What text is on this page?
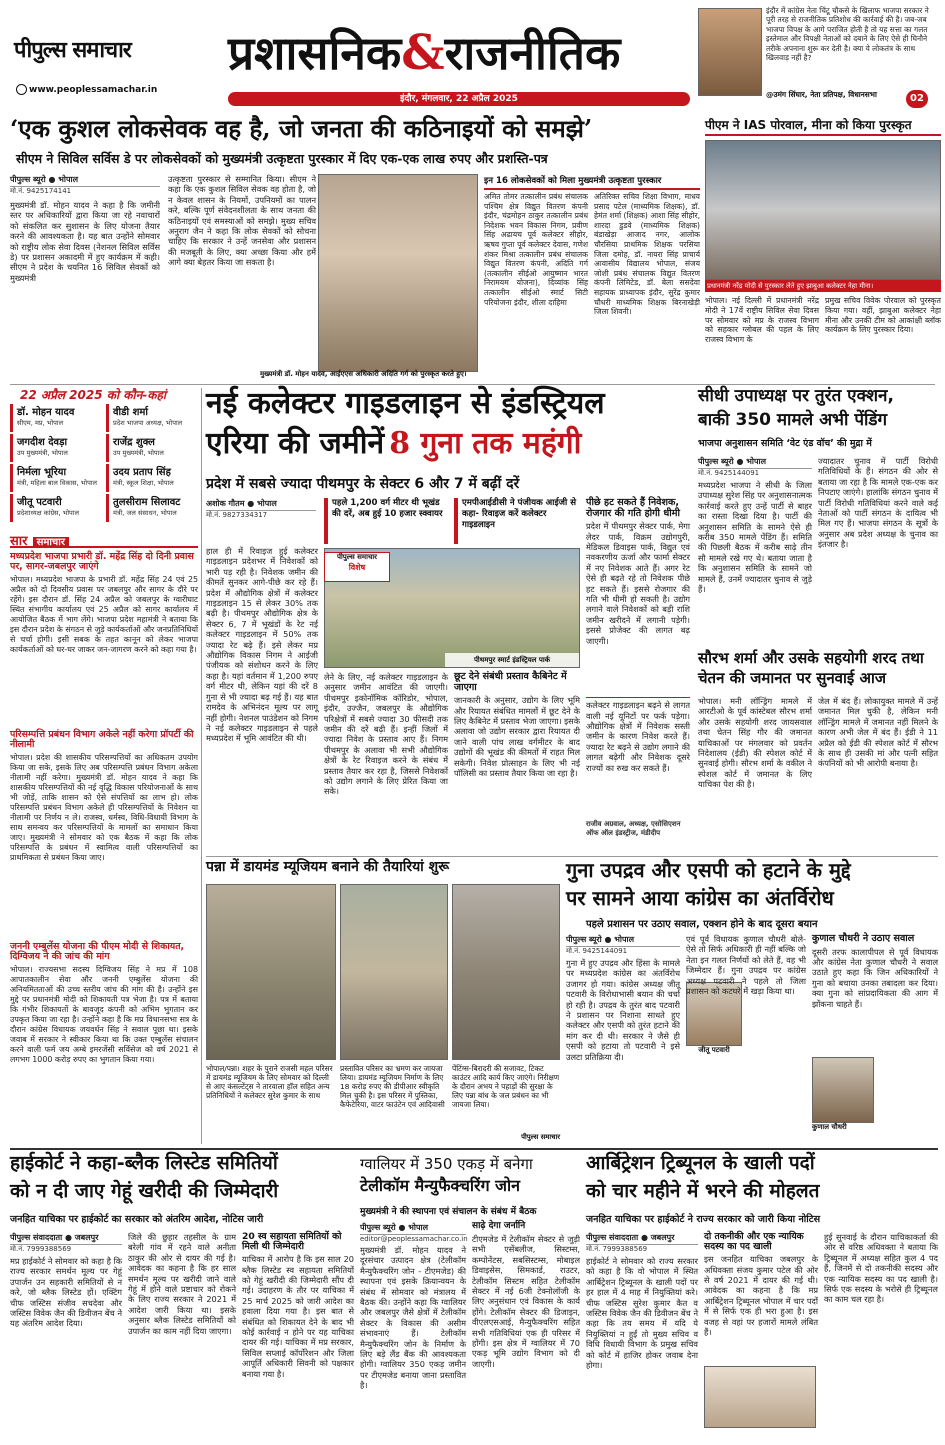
पीपुल्स समाचार
www.peoplessamachar.in
प्रशासनिक&राजनीतिक
इंदौर, मंगलवार, 22 अप्रैल 2025
इंदौर में कांग्रेस नेता चिंटू चौकसे के खिलाफ भाजपा सरकार ने पूरी तरह से राजनीतिक प्रतिशोध की कार्रवाई की है। जब-जब भाजपा विपक्ष के आगे पराजित होती है तो यह सत्ता का गलत इस्तेमाल और विपक्षी नेताओं को दबाने के लिए ऐसे ही घिनौने तरीके अपनाना शुरू कर देती है। क्या ये लोकतंत्र के साथ खिलवाड़ नहीं है?
@उमंग सिंघार, नेता प्रतिपक्ष, विधानसभा	02
‘एक कुशल लोकसेवक वह है, जो जनता की कठिनाइयों को समझे’
सीएम ने सिविल सर्विस डे पर लोकसेवकों को मुख्यमंत्री उत्कृष्टता पुरस्कार में दिए एक-एक लाख रुपए और प्रशस्ति-पत्र
पीपुल्स ब्यूरो ● भोपाल
मो.नं. 9425174141
मुख्यमंत्री डॉ. मोहन यादव ने कहा है कि जमीनी स्तर पर अधिकारियों द्वारा किया जा रहे नवाचारों को संकलित कर सुशासन के लिए योजना तैयार करने की आवश्यकता है। यह बात उन्होंने सोमवार को राष्ट्रीय लोक सेवा दिवस (नेशनल सिविल सर्विस डे) पर प्रशासन अकादमी में हुए कार्यक्रम में कही। सीएम ने प्रदेश के चयनित 16 सिविल सेवकों को मुख्यमंत्री
उत्कृष्टता पुरस्कार से सम्मानित किया। सीएम ने कहा कि एक कुशल सिविल सेवक वह होता है, जो न केवल शासन के नियमों, उपनियमों का पालन करे, बल्कि पूर्ण संवेदनशीलता के साथ जनता की कठिनाइयों एवं समस्याओं को समझे। मुख्य सचिव अनुराग जैन ने कहा कि लोक सेवकों को सोचना चाहिए कि सरकार ने उन्हें जनसेवा और प्रशासन की मजबूती के लिए, क्या अच्छा किया और हमें आगे क्या बेहतर किया जा सकता है।
मुख्यमंत्री डॉ. मोहन यादव, आईएएस अधिकारी अदिति गर्ग को पुरस्कृत करते हुए।
इन 16 लोकसेवकों को मिला मुख्यमंत्री उत्कृष्टता पुरस्कार
अमित तोमर तत्कालीन प्रबंध संचालक पश्चिम क्षेत्र विद्युत वितरण कंपनी इंदौर, चंद्रमोहन ठाकुर तत्कालीन प्रबंध निदेशक भवन विकास निगम, प्रवीण सिंह अढायच पूर्व कलेक्टर सीहोर, ऋषव गुप्ता पूर्व कलेक्टर देवास, गणेश शंकर मिश्रा तत्कालीन प्रबंध संचालक विद्युत वितरण कंपनी, अदिति गर्ग (तत्कालीन सीईओ आयुष्मान भारत निरामयम योजना), दिव्यांक सिंह तत्कालीन सीईओ स्मार्ट सिटी परियोजना इंदौर, शीला दाहिमा
अतिरिक्त सचिव शिक्षा विभाग, माधव प्रसाद पटेल (माध्यमिक शिक्षक), डॉ. हेमंत शर्मा (शिक्षक) आशा सिंह सीहोर, शारदा डुडवे (माध्यमिक शिक्षक) बंडाखेड़ा आजाद नगर, आलोक चौरसिया प्राथमिक शिक्षक परसिया जिला दमोह, डॉ. नायरा सिंह प्राचार्य आवासीय विद्यालय भोपाल, संजय जोशी प्रबंध संचालक विद्युत वितरण कंपनी लिमिटेड, डॉ. बेला ससदेवा सहायक प्राध्यापक इंदौर, सुरेंद्र कुमार चौधरी माध्यमिक शिक्षक बिरनाखेड़ी जिला शिवनी।
पीएम ने IAS पोरवाल, मीना को किया पुरस्कृत
प्रधानमंत्री नरेंद्र मोदी से पुरस्कार लेते हुए झाबुआ कलेक्टर नेहा मीना।
भोपाल। नई दिल्ली में प्रधानमंत्री नरेंद्र मोदी ने 17वें राष्ट्रीय सिविल सेवा दिवस पर सोमवार को मप्र के राजस्व विभाग को सहकार ग्लोबल की पहल के लिए राजस्व विभाग के
प्रमुख सचिव विवेक पोरवाल को पुरस्कृत किया गया। वहीं, झाबुआ कलेक्टर नेहा मीना और उनकी टीम को आकांक्षी ब्लॉक कार्यक्रम के लिए पुरस्कार दिया।
22 अप्रैल 2025 को कौन-कहां
डॉ. मोहन यादव
सीएम, मप्र, भोपाल
वीडी शर्मा
प्रदेश भाजपा अध्यक्ष, भोपाल
जगदीश देवड़ा
उप मुख्यमंत्री, भोपाल
राजेंद्र शुक्ल
उप मुख्यमंत्री, भोपाल
निर्मला भूरिया
मंत्री, महिला बाल विकास, भोपाल
उदय प्रताप सिंह
मंत्री, स्कूल शिक्षा, भोपाल
जीतू पटवारी
प्रदेशाध्यक्ष कांग्रेस, भोपाल
तुलसीराम सिलावट
मंत्री, जल संसाधन, भोपाल
सार समाचार
मध्यप्रदेश भाजपा प्रभारी डॉ. महेंद्र सिंह दो दिनी प्रवास पर, सागर-जबलपुर जाएंगे
भोपाल। मध्यप्रदेश भाजपा के प्रभारी डॉ. महेंद्र सिंह 24 एवं 25 अप्रैल को दो दिवसीय प्रवास पर जबलपुर और सागर के दौरे पर रहेंगे। इस दौरान डॉ. सिंह 24 अप्रैल को जबलपुर के ग्वारीघाट स्थित संभागीय कार्यालय एवं 25 अप्रैल को सागर कार्यालय में आयोजित बैठक में भाग लेंगे। भाजपा प्रदेश महामंत्री ने बताया कि इस दौरान प्रदेश के संगठन से जुड़े कार्यकर्ताओं और जनप्रतिनिधियों से चर्चा होगी। इसी सबक के तहत कानून को लेकर भाजपा कार्यकर्ताओं को घर-घर जाकर जन-जागरण करने को कहा गया है।
परिसम्पत्ति प्रबंधन विभाग अकेले नहीं करेगा प्रॉपर्टी की नीलामी
भोपाल। प्रदेश की शासकीय परिसम्पत्तियों का अधिकतम उपयोग किया जा सके, इसके लिए अब परिसम्पत्ति प्रबंधन विभाग अकेला नीलामी नहीं करेगा। मुख्यमंत्री डॉ. मोहन यादव ने कहा कि शासकीय परिसम्पत्तियों की नई वृद्धि विकास परियोजनाओं के साथ भी जोड़ें, ताकि शासन को ऐसे संपत्तियों का लाभ हो। लोक परिसम्पत्ति प्रबंधन विभाग अकेले ही परिसम्पत्तियों के निवेशन या नीलामी पर निर्णय न ले। राजस्व, धर्मस्व, विधि-विधायी विभाग के साथ समन्वय कर परिसम्पत्तियों के मामलों का समाधान किया जाए। मुख्यमंत्री ने सोमवार को एक बैठक में कहा कि लोक परिसम्पत्ति के प्रबंधन में स्वामित्व वाली परिसम्पत्तियों का प्राथमिकता से प्रबंधन किया जाए।
जननी एम्बुलेंस योजना की पीएम मोदी से शिकायत, दिग्विजय ने की जांच की मांग
भोपाल। राज्यसभा सदस्य दिग्विजय सिंह ने मप्र में 108 आपातकालीन सेवा और जननी एम्बुलेंस योजना की अनियमितताओं की उच्च स्तरीय जांच की मांग की है। उन्होंने इस मुद्दे पर प्रधानमंत्री मोदी को शिकायती पत्र भेजा है। पत्र में बताया कि गंभीर शिकायतों के बावजूद कंपनी को अभिम भुगतान कर उपकृत किया जा रहा है। उन्होंने कहा है कि मप्र विधानसभा सत्र के दौरान कांग्रेस विधायक जयवर्धन सिंह ने सवाल पूछा था। इसके जवाब में सरकार ने स्वीकार किया था कि उक्त एम्बुलेंस संचालन करने वाली फर्म जय अम्बे इमरजेंसी सर्विसेज को वर्ष 2021 से लगभग 1000 करोड़ रुपए का भुगतान किया गया।
नई कलेक्टर गाइडलाइन से इंडस्ट्रियल
एरिया की जमीनें 8 गुना तक महंगी
प्रदेश में सबसे ज्यादा पीथमपुर के सेक्टर 6 और 7 में बढ़ीं दरें
अशोक गौतम ● भोपाल
मो.नं. 9827334317
पहले 1,200 वर्ग मीटर थी भूखंड की दरें, अब हुई 10 हजार स्क्वायर
एमपीआईडीसी ने पंजीयक आईजी से कहा- रिवाइज करें कलेक्टर गाइडलाइन
हाल ही में रिवाइज हुई कलेक्टर गाइडलाइन प्रदेशभर में निवेशकों को भारी पड़ रही है। निवेशक जमीन की कीमतें सुनकर आगे-पीछे कर रहे हैं। प्रदेश में औद्योगिक क्षेत्रों में कलेक्टर गाइडलाइन 15 से लेकर 30% तक बढ़ी है। पीथमपुर औद्योगिक क्षेत्र के सेक्टर 6, 7 में भूखंडों के रेट नई कलेक्टर गाइडलाइन में 50% तक ज्यादा रेट बढ़े हैं। इसे लेकर मप्र औद्योगिक विकास निगम ने आईजी पंजीयक को संशोधन करने के लिए कहा है। यहां वर्तमान में 1,200 रुपए वर्ग मीटर थी, लेकिन यहां की दरें 8 गुना से भी ज्यादा बढ़ गई हैं। यह बात रामदेव के अभिनंदन मूल्य पर लागू नहीं होगी। नेशनल पाउंडेशन को निगम ने नई कलेक्टर गाइडलाइन से पहले मध्यप्रदेश में भूमि आवंटित की थी।
पीथमपुर स्मार्ट इंडस्ट्रियल पार्क
पीपुल्स समाचार
विशेष
लेने के लिए, नई कलेक्टर गाइडलाइन के अनुसार जमीन आवंटित की जाएगी। पीथमपुर इकोनॉमिक कॉरिडोर, भोपाल, इंदौर, उज्जैन, जबलपुर के औद्योगिक परिक्षेत्रों में सबसे ज्यादा 30 फीसदी तक जमीन की दरें बढ़ी हैं। इन्हीं जिलों में ज्यादा निवेश के प्रस्ताव आए हैं। निगम पीथमपुर के अलावा भी सभी औद्योगिक क्षेत्रों के रेट रिवाइज करने के संबंध में प्रस्ताव तैयार कर रहा है, जिससे निवेशकों को उद्योग लगाने के लिए प्रेरित किया जा सके।
छूट देने संबंधी प्रस्ताव कैबिनेट में जाएगा
जानकारी के अनुसार, उद्योग के लिए भूमि और रियायत संबंधित मामलों में छूट देने के लिए कैबिनेट में प्रस्ताव भेजा जाएगा। इसके अलावा जो उद्योग सरकार द्वारा रियायत दी जाने वाली पांच लाख वर्गमीटर के बाद उद्योगों की भूखंड की कीमतों में राहत मिल सकेगी। निवेश प्रोत्साहन के लिए भी नई पॉलिसी का प्रस्ताव तैयार किया जा रहा है।
पीछे हट सकते हैं निवेशक, रोजगार की गति होगी धीमी
प्रदेश में पीथमपुर सेक्टर पार्क, मेगा लेदर पार्क, विक्रम उद्योगपुरी, मेडिकल डिवाइस पार्क, विद्युत एवं नवकरणीय ऊर्जा और फार्मा सेक्टर में नए निवेशक आते हैं। अगर रेट ऐसे ही बढ़ते रहे तो निवेशक पीछे हट सकते हैं। इससे रोजगार की गति भी धीमी हो सकती है। उद्योग लगाने वाले निवेशकों को बड़ी राशि जमीन खरीदने में लगानी पड़ेगी। इससे प्रोजेक्ट की लागत बढ़ जाएगी।
कलेक्टर गाइडलाइन बढ़ने से लागत वाली नई यूनिटों पर फर्क पड़ेगा। औद्योगिक क्षेत्रों में निवेशक सस्ती जमीन के कारण निवेश करते हैं। ज्यादा रेट बढ़ने से उद्योग लगाने की लागत बढ़ेगी और निवेशक दूसरे राज्यों का रुख कर सकते हैं।
राजीव अग्रवाल, अध्यक्ष, एसोसिएशन ऑफ ऑल इंडस्ट्रीज, मंडीदीप
सीधी उपाध्यक्ष पर तुरंत एक्शन,
बाकी 350 मामले अभी पेंडिंग
भाजपा अनुशासन समिति ‘वेट एंड वॉच’ की मुद्रा में
पीपुल्स ब्यूरो ● भोपाल
मो.नं. 9425144091
मध्यप्रदेश भाजपा ने सीधी के जिला उपाध्यक्ष सुरेश सिंह पर अनुशासनात्मक कार्रवाई करते हुए उन्हें पार्टी से बाहर का रास्ता दिखा दिया है। पार्टी की अनुशासन समिति के सामने ऐसे ही करीब 350 मामले पेंडिंग हैं। समिति की पिछली बैठक में करीब साढ़े तीन सौ मामले रखे गए थे। बताया जाता है कि अनुशासन समिति के सामने जो मामले हैं, उनमें ज्यादातर चुनाव से जुड़े हैं।
ज्यादातर चुनाव में पार्टी विरोधी गतिविधियों के हैं। संगठन की ओर से बताया जा रहा है कि मामले एक-एक कर निपटाए जाएंगे। हालांकि संगठन चुनाव में पार्टी विरोधी गतिविधियां करने वाले कई नेताओं को पार्टी संगठन के दायित्व भी मिल गए हैं। भाजपा संगठन के सूत्रों के अनुसार अब प्रदेश अध्यक्ष के चुनाव का इंतजार है।
सौरभ शर्मा और उसके सहयोगी शरद तथा चेतन की जमानत पर सुनवाई आज
भोपाल। मनी लॉन्ड्रिंग मामले में आरटीओ के पूर्व कांस्टेबल सौरभ शर्मा और उसके सहयोगी शरद जायसवाल तथा चेतन सिंह गौर की जमानत याचिकाओं पर मंगलवार को प्रवर्तन निदेशालय (ईडी) की स्पेशल कोर्ट में सुनवाई होगी। सौरभ शर्मा के वकील ने स्पेशल कोर्ट में जमानत के लिए याचिका पेश की है।
जेल में बंद हैं। लोकायुक्त मामले में उन्हें जमानत मिल चुकी है, लेकिन मनी लॉन्ड्रिंग मामले में जमानत नहीं मिलने के कारण अभी जेल में बंद हैं। ईडी ने 11 अप्रैल को ईडी की स्पेशल कोर्ट में सौरभ के साथ ही उसकी मां और पत्नी सहित कंपनियों को भी आरोपी बनाया है।
पन्ना में डायमंड म्यूजियम बनाने की तैयारियां शुरू
भोपाल/पन्ना। शहर के पुराने राजसी महल परिसर में डायमंड म्यूजियम के लिए सोमवार को दिल्ली से आए कंसल्टेंट्स ने तारवाला हॉल सहित अन्य प्रतिनिधियों ने कलेक्टर सुरेश कुमार के साथ
प्रस्तावित परिसर का भ्रमण कर जायजा लिया। डायमंड म्यूजियम निर्माण के लिए 18 करोड़ रुपए की डीपीआर स्वीकृति मिल चुकी है। इस परिसर में पुस्तिका, कैफेटेरिया, वाटर फाउंटेन एवं आदिवासी
पेंटिंग्स-बिरादरी की सजावट, टिकट काउंटर आदि कार्य किए जाएंगे। निरीक्षण के दौरान अभय ने पहाड़ों की सुरक्षा के लिए पन्ना बांध के जल प्रबंधन का भी जायजा लिया।
पीपुल्स समाचार
गुना उपद्रव और एसपी को हटाने के मुद्दे
पर सामने आया कांग्रेस का अंतर्विरोध
पहले प्रशासन पर उठाए सवाल, एक्शन होने के बाद दूसरा बयान
पीपुल्स ब्यूरो ● भोपाल
मो.नं. 9425144091
गुना में हुए उपद्रव और हिंसा के मामले पर मध्यप्रदेश कांग्रेस का अंतर्विरोध उजागर हो गया। कांग्रेस अध्यक्ष जीतू पटवारी के विरोधाभासी बयान की चर्चा हो रही है। उपद्रव के तुरंत बाद पटवारी ने प्रशासन पर निशाना साधते हुए कलेक्टर और एसपी को तुरंत हटाने की मांग कर दी थी। सरकार ने जैसे ही एसपी को हटाया तो पटवारी ने इसे उलटा प्रतिक्रिया दी।
जीतू पटवारी
एवं पूर्व विधायक कुणाल चौधरी बोले- ऐसे तो सिर्फ अधिकारी ही नहीं बल्कि जो नेता इन गलत निर्णयों को लेते हैं, वह भी जिम्मेदार हैं। गुना उपद्रव पर कांग्रेस अध्यक्ष पटवारी ने पहले तो जिला प्रशासन को कटघरे में खड़ा किया था।
कुणाल चौधरी ने उठाए सवाल
दूसरी तरफ कालापीपल से पूर्व विधायक और कांग्रेस नेता कुणाल चौधरी ने सवाल उठाते हुए कहा कि जिन अधिकारियों ने गुना को बचाया उनका तबादला कर दिया। क्या गुना को सांप्रदायिकता की आग में झोंकना चाहते हैं।
कुणाल चौधरी
हाईकोर्ट ने कहा-ब्लैक लिस्टेड समितियों
को न दी जाए गेहूं खरीदी की जिम्मेदारी
जनहित याचिका पर हाईकोर्ट का सरकार को अंतरिम आदेश, नोटिस जारी
पीपुल्स संवाददाता ● जबलपुर
मो.नं. 7999388569
मप्र हाईकोर्ट ने सोमवार को कहा है कि राज्य सरकार समर्थन मूल्य पर गेहूं उपार्जन उन सहकारी समितियों से न करे, जो ब्लैक लिस्टेड हों। एक्टिंग चीफ जस्टिस संजीव सचदेवा और जस्टिस विवेक जैन की डिवीजन बेंच ने यह अंतरिम आदेश दिया।
जिले की छुहार तहसील के ग्राम बरेली गांव में रहने वाले अनीता ठाकुर की ओर से दायर की गई है। आवेदक का कहना है कि हर साल समर्थन मूल्य पर खरीदी जाने वाले गेहूं में होने वाले प्रष्टाचार को रोकने के लिए राज्य सरकार ने 2021 में आदेश जारी किया था। इसके अनुसार ब्लैक लिस्टेड समितियों को उपार्जन का काम नहीं दिया जाएगा।
20 स्व सहायता समितियों को मिली थी जिम्मेदारी
याचिका में आरोप है कि इस साल 20 ब्लैक लिस्टेड स्व सहायता समितियों को गेहूं खरीदी की जिम्मेदारी सौंप दी गई। उदाहरण के तौर पर याचिका में 25 मार्च 2025 को जारी आदेश का हवाला दिया गया है। इस बात से संबंधित को शिकायत देने के बाद भी कोई कार्रवाई न होने पर यह याचिका दायर की गई। याचिका में मप्र सरकार, सिविल सप्लाई कॉर्पोरेशन और जिला आपूर्ति अधिकारी सिवनी को पक्षकार बनाया गया है।
ग्वालियर में 350 एकड़ में बनेगा
टेलीकॉम मैन्युफैक्चरिंग जोन
मुख्यमंत्री ने की स्थापना एवं संचालन के संबंध में बैठक
पीपुल्स ब्यूरो ● भोपाल
editor@peoplessamachar.co.in
मुख्यमंत्री डॉ. मोहन यादव ने दूरसंचार उत्पादन क्षेत्र (टेलीकॉम मैन्युफैक्चरिंग जोन - टीएमजेड) की स्थापना एवं इसके क्रियान्वयन के संबंध में सोमवार को मंत्रालय में बैठक की। उन्होंने कहा कि ग्वालियर और जबलपुर जैसे क्षेत्रों में टेलीकॉम सेक्टर के विकास की असीम संभावनाएं हैं। टेलीकॉम मैन्युफैक्चरिंग जोन के निर्माण के लिए बड़े लैंड बैंक की आवश्यकता होगी। ग्वालियर 350 एकड़ जमीन पर टीएमजेड बनाया जाना प्रस्तावित है।
साढ़े देगा जर्नानि
टीएमजेड में टेलीकॉम सेक्टर से जुड़ी सभी एसेंबलीज, सिस्टम्स, कम्पोनेंटस, सबसिस्टम्स, मोबाइल डिवाइसेस, सिमकार्ड, राउटर, टेलीकॉम सिस्टम सहित टेलीकॉम सेक्टर में नई 6जी टेक्नोलॉजी के लिए अनुसंधान एवं विकास के कार्य होंगे। टेलीकॉम सेक्टर की डिजाइन, वीएलएसआई, मैन्युफैक्चरिंग सहित सभी गतिविधियां एक ही परिसर में होंगी। इस क्षेत्र में ग्वालियर में 70 एकड़ भूमि उद्योग विभाग को दी जाएगी।
आर्बिट्रेशन ट्रिब्यूनल के खाली पदों
को चार महीने में भरने की मोहलत
जनहित याचिका पर हाईकोर्ट ने राज्य सरकार को जारी किया नोटिस
पीपुल्स संवाददाता ● जबलपुर
मो.नं. 7999388569
हाईकोर्ट ने सोमवार को राज्य सरकार को कहा है कि वो भोपाल में स्थित आर्बिट्रेशन ट्रिब्यूनल के खाली पदों पर हर हाल में 4 माह में नियुक्तियां करे। चीफ जस्टिस सुरेश कुमार कैत व जस्टिस विवेक जैन की डिवीजन बेंच ने कहा कि तय समय में यदि ये नियुक्तियां न हुईं तो मुख्य सचिव व विधि विधायी विभाग के प्रमुख सचिव को कोर्ट में हाजिर होकर जवाब देना होगा।
दो तकनीकी और एक न्यायिक सदस्य का पद खाली
इस जनहित याचिका जबलपुर के अधिवक्ता संजय कुमार पटेल की ओर से वर्ष 2021 में दायर की गई थी। आवेदक का कहना है कि मप्र आर्बिट्रेशन ट्रिब्यूनल भोपाल में चार पदों में से सिर्फ एक ही भरा हुआ है। इस वजह से वहां पर हजारों मामले लंबित हैं।
हुई सुनवाई के दौरान याचिकाकर्ता की ओर से वरिष्ठ अधिवक्ता ने बताया कि ट्रिब्यूनल में अध्यक्ष सहित कुल 4 पद हैं, जिनमें से दो तकनीकी सदस्य और एक न्यायिक सदस्य का पद खाली है। सिर्फ एक सदस्य के भरोसे ही ट्रिब्यूनल का काम चल रहा है।
